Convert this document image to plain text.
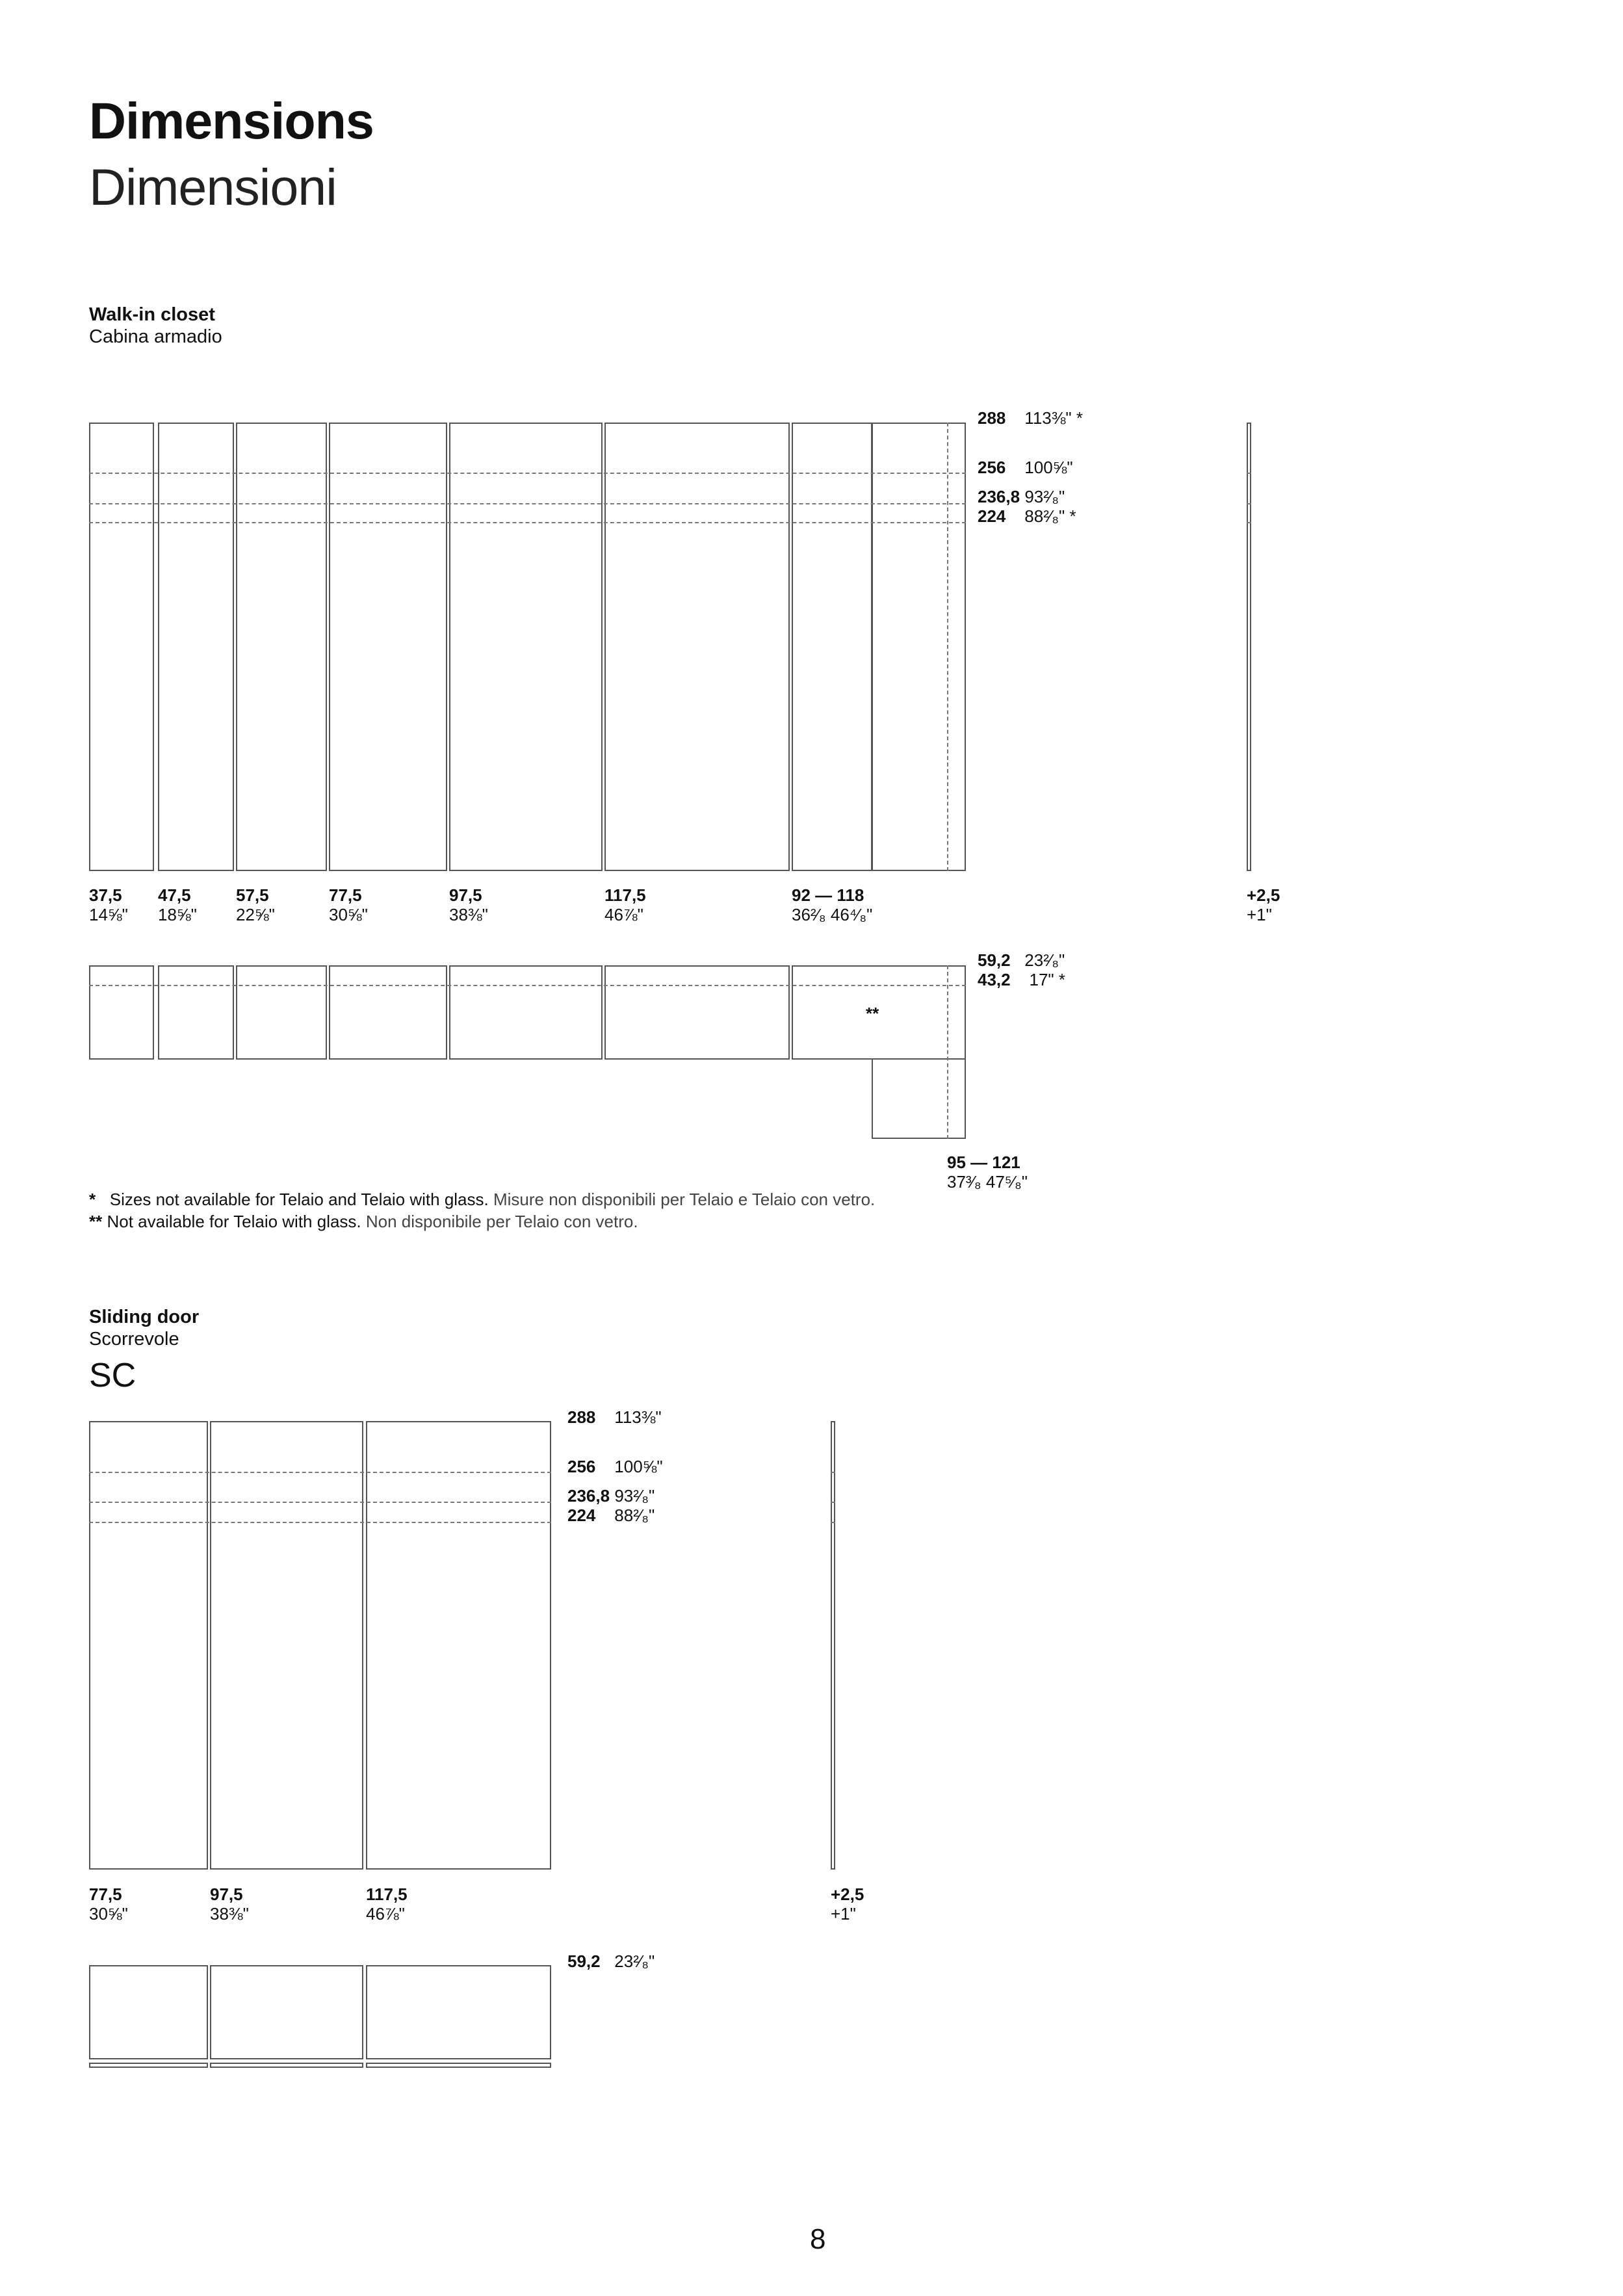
Dimensions
Dimensioni
Walk-in closet
Cabina armadio
288 113⅜" *
256 100⅝"
236,8 93²⁄₈"
224 88²⁄₈" *
37,5
14⅝"
47,5
18⅝"
57,5
22⅝"
77,5
30⅝"
97,5
38⅜"
117,5
46⅞"
92 — 118
36²⁄₈ 46⁴⁄₈"
+2,5
+1"
**
59,2 23²⁄₈"
43,2 17" *
95 — 121
37³⁄₈ 47⁵⁄₈"
* Sizes not available for Telaio and Telaio with glass. Misure non disponibili per Telaio e Telaio con vetro.
** Not available for Telaio with glass. Non disponibile per Telaio con vetro.
Sliding door
Scorrevole
SC
288 113⅜"
256 100⅝"
236,8 93²⁄₈"
224 88²⁄₈"
77,5
30⅝"
97,5
38⅜"
117,5
46⅞"
+2,5
+1"
59,2 23²⁄₈"
8
